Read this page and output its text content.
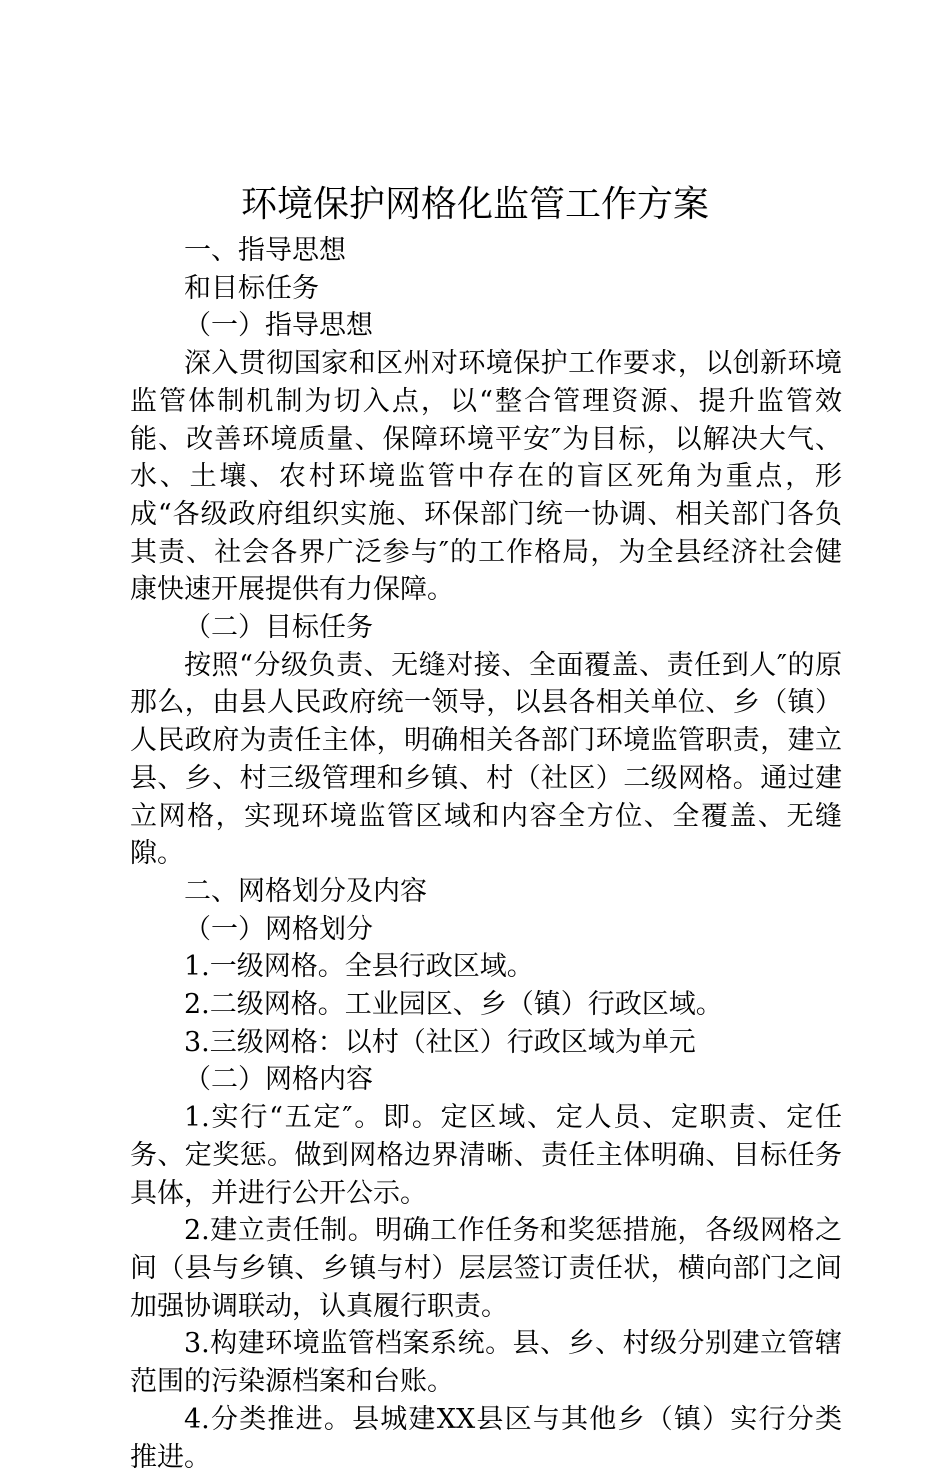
环境保护网格化监管工作方案

一、指导思想

和目标任务

（一）指导思想

深入贯彻国家和区州对环境保护工作要求，以创新环境监管体制机制为切入点，以“整合管理资源、提升监管效能、改善环境质量、保障环境平安″为目标，以解决大气、水、土壤、农村环境监管中存在的盲区死角为重点，形成“各级政府组织实施、环保部门统一协调、相关部门各负其责、社会各界广泛参与″的工作格局，为全县经济社会健康快速开展提供有力保障。

（二）目标任务

按照“分级负责、无缝对接、全面覆盖、责任到人″的原那么，由县人民政府统一领导，以县各相关单位、乡（镇）人民政府为责任主体，明确相关各部门环境监管职责，建立县、乡、村三级管理和乡镇、村（社区）二级网格。通过建立网格，实现环境监管区域和内容全方位、全覆盖、无缝隙。

二、网格划分及内容

（一）网格划分

1.一级网格。全县行政区域。

2.二级网格。工业园区、乡（镇）行政区域。

3.三级网格：以村（社区）行政区域为单元

（二）网格内容

1.实行“五定″。即。定区域、定人员、定职责、定任务、定奖惩。做到网格边界清晰、责任主体明确、目标任务具体，并进行公开公示。

2.建立责任制。明确工作任务和奖惩措施，各级网格之间（县与乡镇、乡镇与村）层层签订责任状，横向部门之间加强协调联动，认真履行职责。

3.构建环境监管档案系统。县、乡、村级分别建立管辖范围的污染源档案和台账。

4.分类推进。县城建XX县区与其他乡（镇）实行分类推进。
